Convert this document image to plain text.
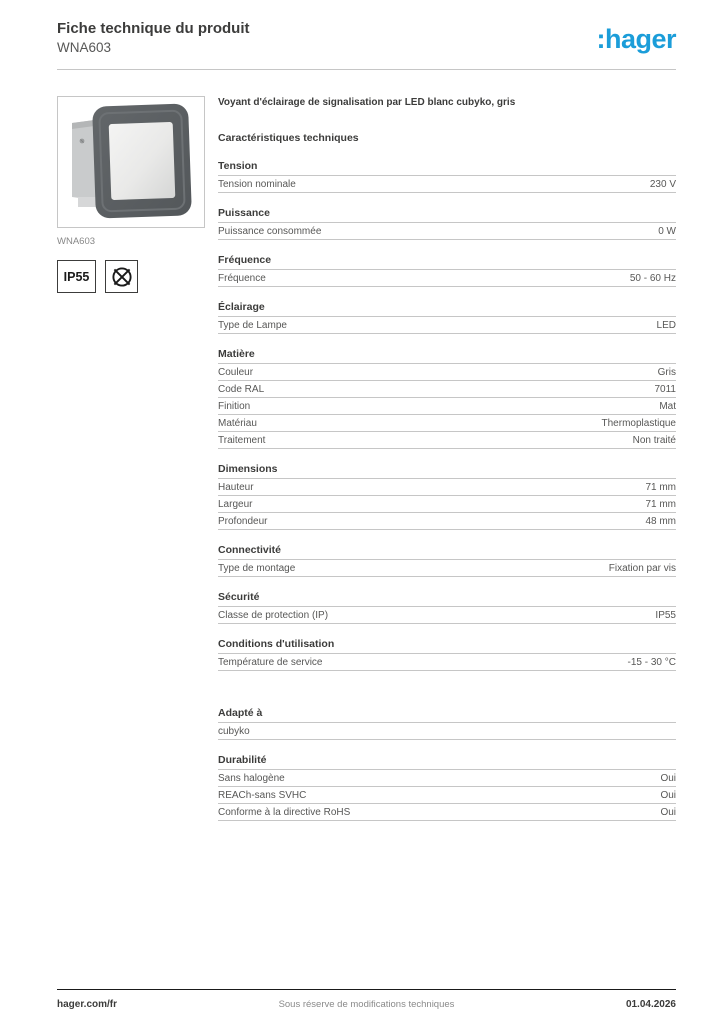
Fiche technique du produit
WNA603	:hager
WNA603
IP55
Voyant d'éclairage de signalisation par LED blanc cubyko, gris
Caractéristiques techniques
Tension
Tension nominale	230 V
Puissance
Puissance consommée	0 W
Fréquence
Fréquence	50 - 60 Hz
Éclairage
Type de Lampe	LED
Matière
Couleur	Gris
Code RAL	7011
Finition	Mat
Matériau	Thermoplastique
Traitement	Non traité
Dimensions
Hauteur	71 mm
Largeur	71 mm
Profondeur	48 mm
Connectivité
Type de montage	Fixation par vis
Sécurité
Classe de protection (IP)	IP55
Conditions d'utilisation
Température de service	-15 - 30 °C
Adapté à
cubyko
Durabilité
Sans halogène	Oui
REACh-sans SVHC	Oui
Conforme à la directive RoHS	Oui
hager.com/fr	Sous réserve de modifications techniques	01.04.2026
